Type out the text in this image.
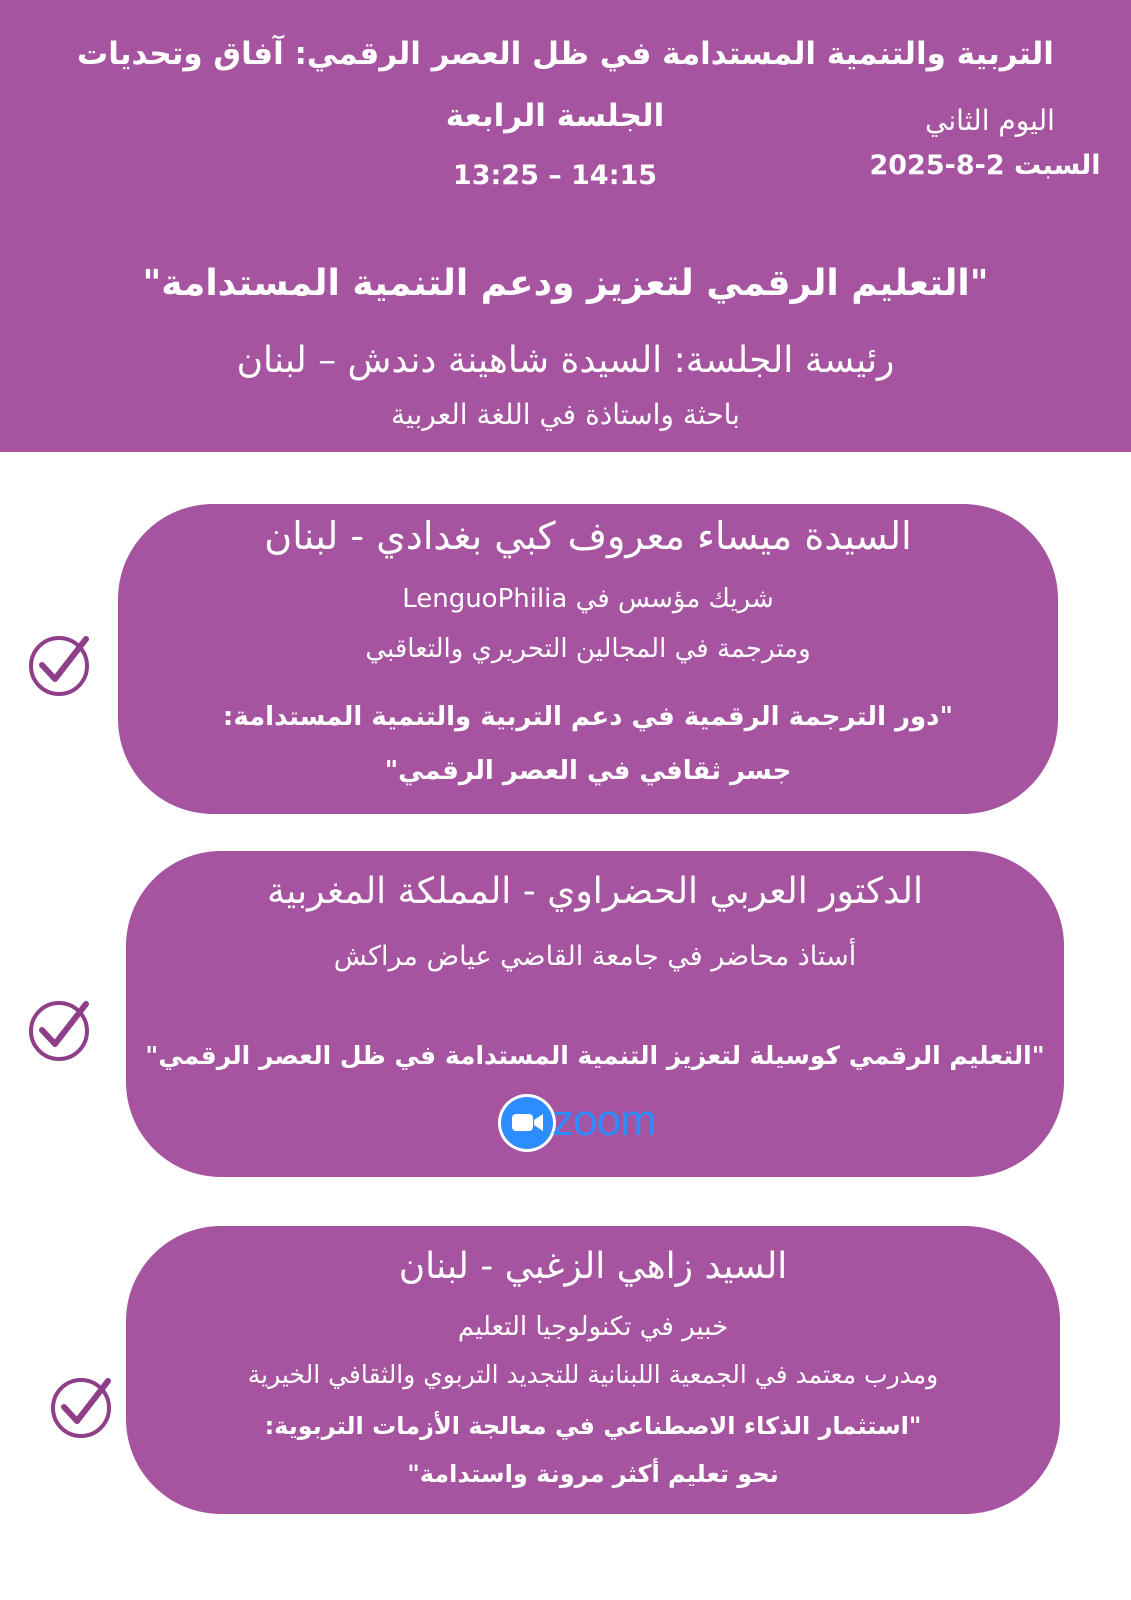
التربية والتنمية المستدامة في ظل العصر الرقمي: آفاق وتحديات
الجلسة الرابعة
13:25 – 14:15
اليوم الثاني
السبت 2-8-2025
"التعليم الرقمي لتعزيز ودعم التنمية المستدامة"
رئيسة الجلسة: السيدة شاهينة دندش – لبنان
باحثة واستاذة في اللغة العربية
السيدة ميساء معروف كبي بغدادي - لبنان
شريك مؤسس في LenguoPhilia
ومترجمة في المجالين التحريري والتعاقبي
"دور الترجمة الرقمية في دعم التربية والتنمية المستدامة:
جسر ثقافي في العصر الرقمي"
الدكتور العربي الحضراوي - المملكة المغربية
أستاذ محاضر في جامعة القاضي عياض مراكش
"التعليم الرقمي كوسيلة لتعزيز التنمية المستدامة في ظل العصر الرقمي"
zoom
السيد زاهي الزغبي - لبنان
خبير في تكنولوجيا التعليم
ومدرب معتمد في الجمعية اللبنانية للتجديد التربوي والثقافي الخيرية
"استثمار الذكاء الاصطناعي في معالجة الأزمات التربوية:
نحو تعليم أكثر مرونة واستدامة"
